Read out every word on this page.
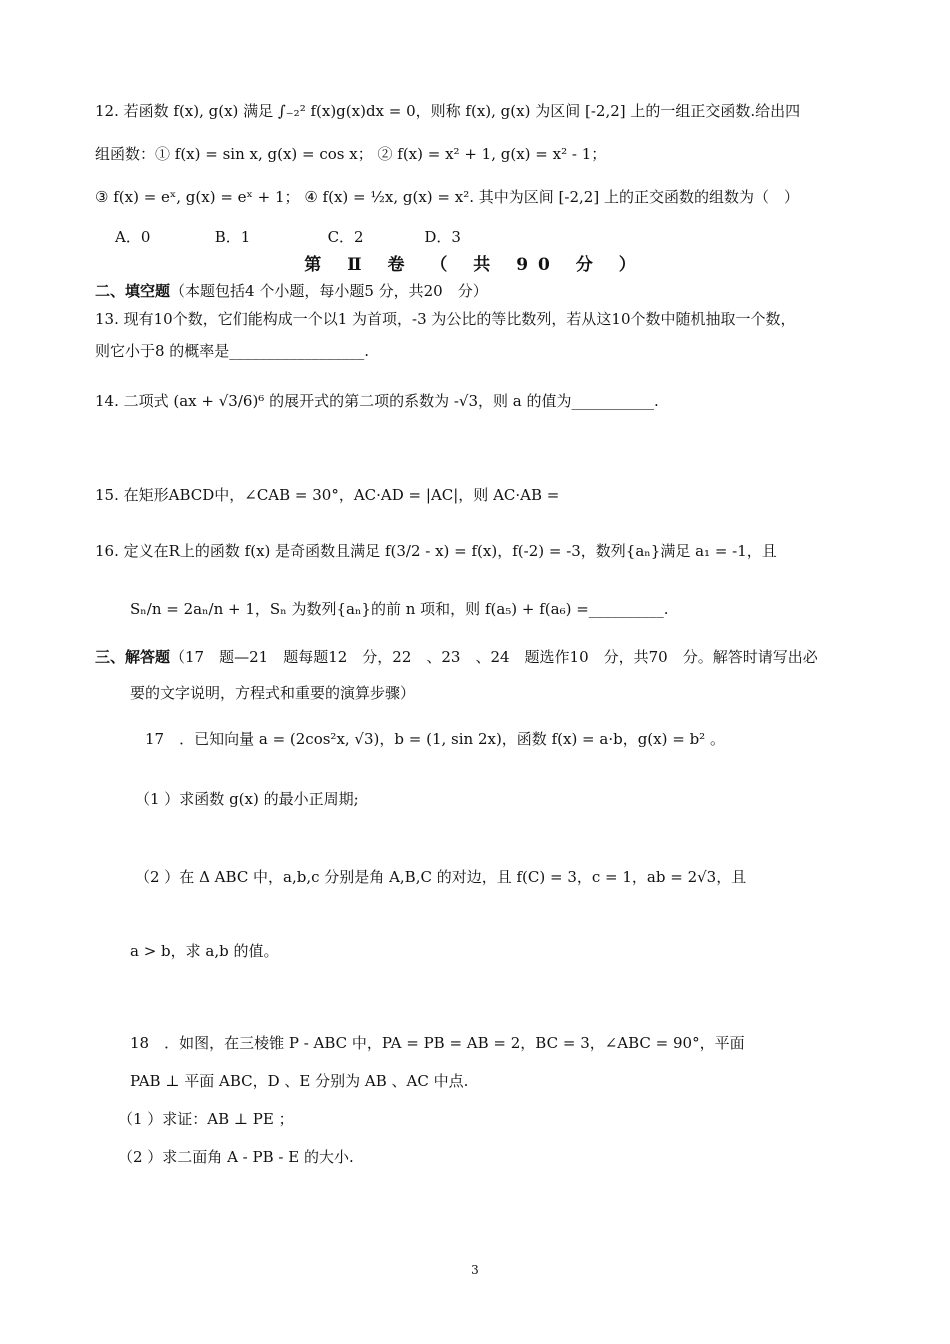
12. 若函数 f(x), g(x) 满足 ∫₋₂² f(x)g(x)dx = 0，则称 f(x), g(x) 为区间 [-2,2] 上的一组正交函数.给出四
组函数：① f(x) = sin x, g(x) = cos x； ② f(x) = x² + 1, g(x) = x² - 1；
③ f(x) = eˣ, g(x) = eˣ + 1； ④ f(x) = ½x, g(x) = x². 其中为区间 [-2,2] 上的正交函数的组数为（　）
A．0	B．1	C．2	D．3
第 Ⅱ 卷 （ 共 90 分 ）
二、填空题（本题包括4 个小题，每小题5 分，共20　分）
13. 现有10个数，它们能构成一个以1 为首项，-3 为公比的等比数列，若从这10个数中随机抽取一个数，
则它小于8 的概率是__________________.
14. 二项式 (ax + √3/6)⁶ 的展开式的第二项的系数为 -√3，则 a 的值为___________.
15. 在矩形ABCD中，∠CAB = 30°，AC·AD = |AC|，则 AC·AB =
16. 定义在R上的函数 f(x) 是奇函数且满足 f(3/2 - x) = f(x)，f(-2) = -3，数列{aₙ}满足 a₁ = -1，且
Sₙ/n = 2aₙ/n + 1，Sₙ 为数列{aₙ}的前 n 项和，则 f(a₅) + f(a₆) =__________.
三、解答题（17　题—21　题每题12　分，22　、23　、24　题选作10　分，共70　分。解答时请写出必
要的文字说明，方程式和重要的演算步骤）
17　．已知向量 a = (2cos²x, √3)，b = (1, sin 2x)，函数 f(x) = a·b，g(x) = b² 。
（1 ）求函数 g(x) 的最小正周期;
（2 ）在 Δ ABC 中，a,b,c 分别是角 A,B,C 的对边，且 f(C) = 3，c = 1，ab = 2√3，且
a > b，求 a,b 的值。
18　．如图，在三棱锥 P - ABC 中，PA = PB = AB = 2，BC = 3，∠ABC = 90°，平面
PAB ⊥ 平面 ABC，D 、E 分别为 AB 、AC 中点.
（1 ）求证：AB ⊥ PE ；
（2 ）求二面角 A - PB - E 的大小.
3
